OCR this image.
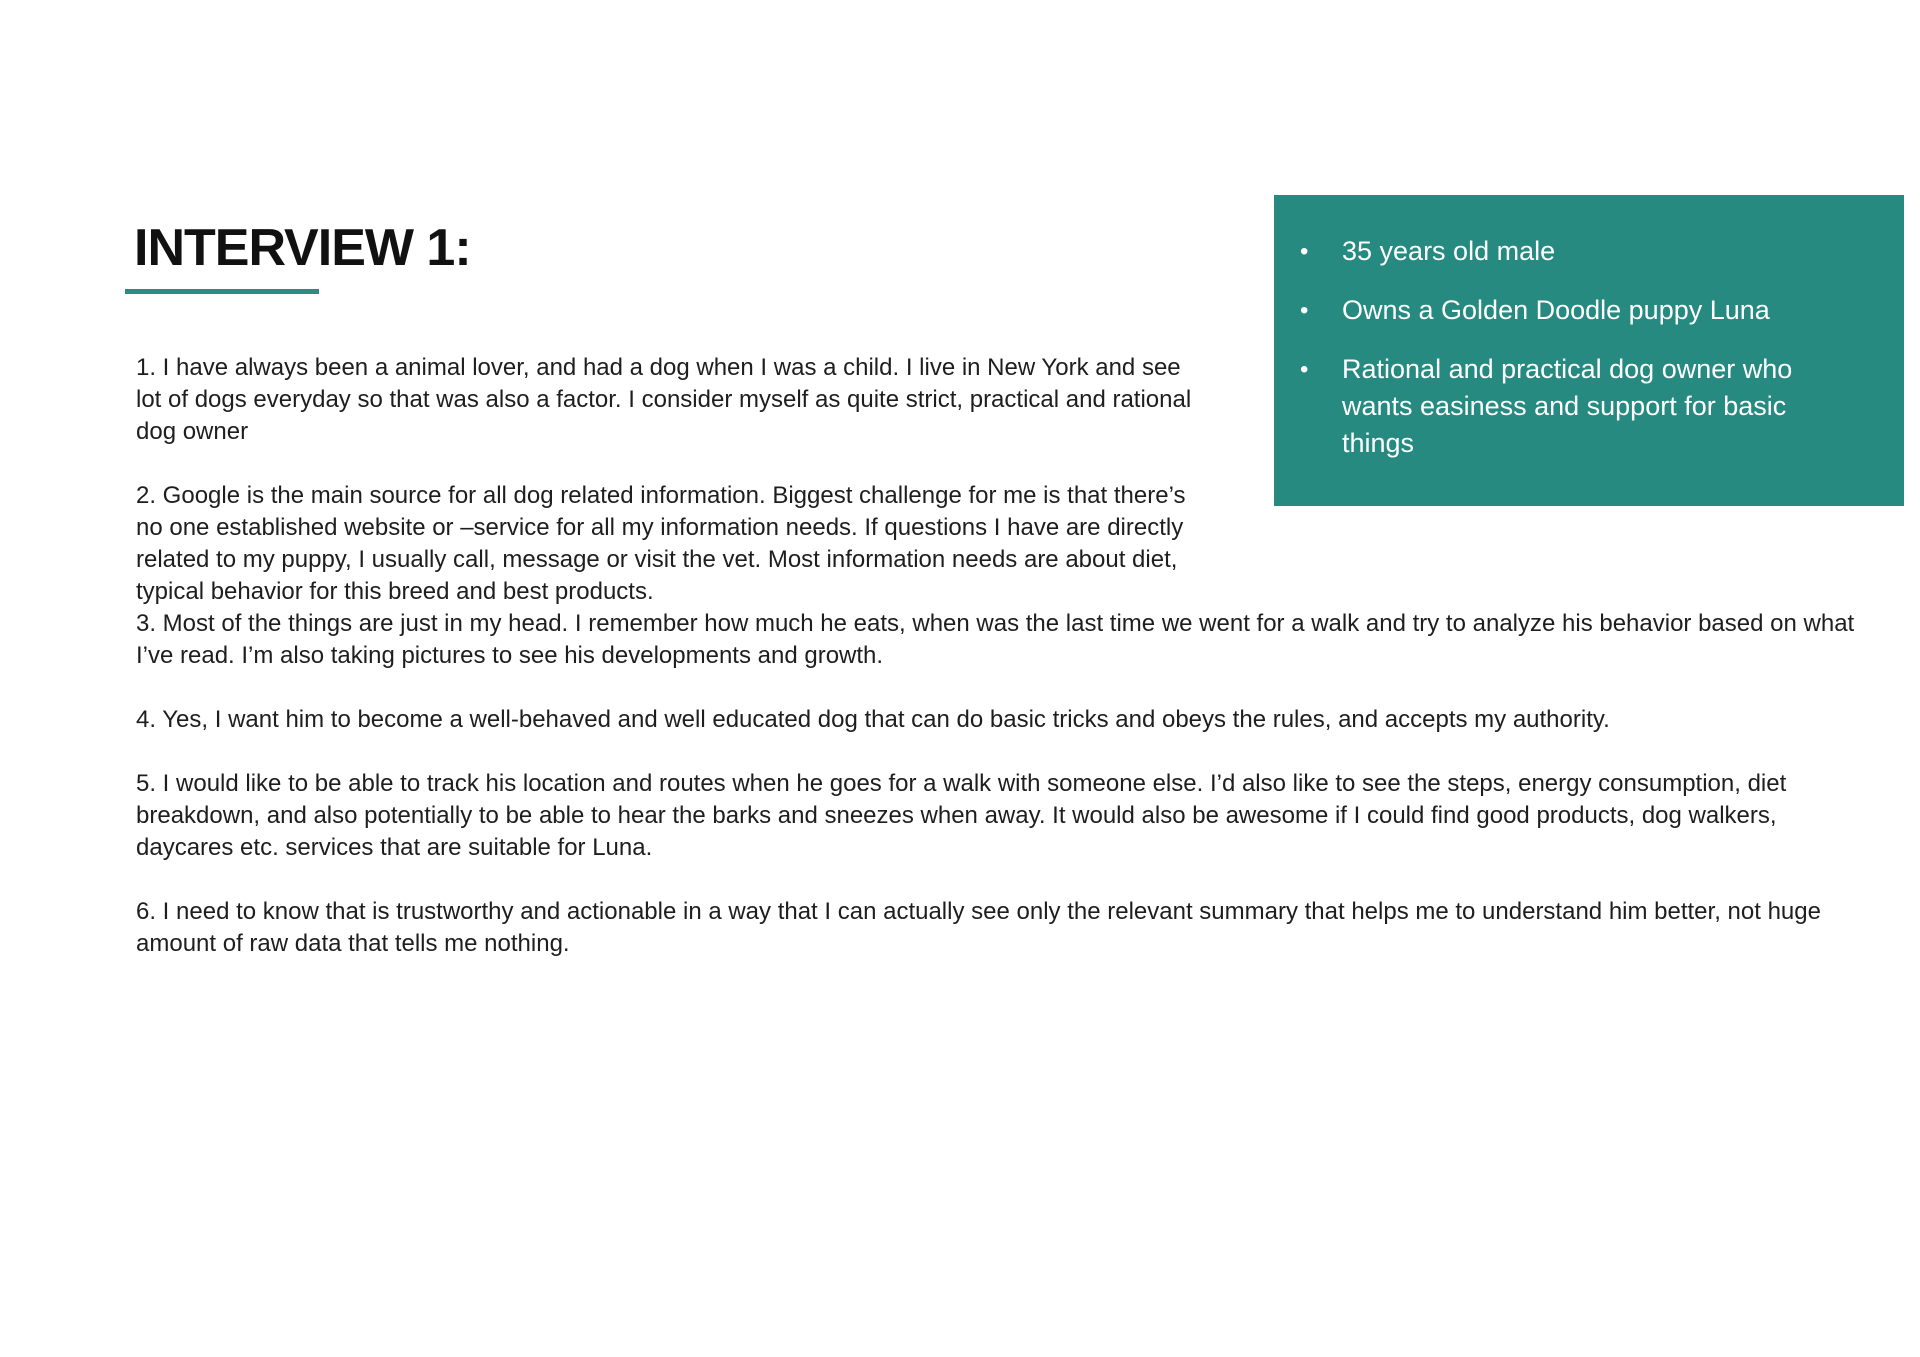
INTERVIEW 1:	• 35 years old male
• Owns a Golden Doodle puppy Luna
• Rational and practical dog owner who wants easiness and support for basic things

1. I have always been a animal lover, and had a dog when I was a child. I live in New York and see lot of dogs everyday so that was also a factor. I consider myself as quite strict, practical and rational dog owner

2. Google is the main source for all dog related information. Biggest challenge for me is that there’s no one established website or –service for all my information needs. If questions I have are directly related to my puppy, I usually call, message or visit the vet. Most information needs are about diet, typical behavior for this breed and best products.

3. Most of the things are just in my head. I remember how much he eats, when was the last time we went for a walk and try to analyze his behavior based on what I’ve read. I’m also taking pictures to see his developments and growth.

4. Yes, I want him to become a well-behaved and well educated dog that can do basic tricks and obeys the rules, and accepts my authority.

5. I would like to be able to track his location and routes when he goes for a walk with someone else. I’d also like to see the steps, energy consumption, diet breakdown, and also potentially to be able to hear the barks and sneezes when away. It would also be awesome if I could find good products, dog walkers, daycares etc. services that are suitable for Luna.

6. I need to know that is trustworthy and actionable in a way that I can actually see only the relevant summary that helps me to understand him better, not huge amount of raw data that tells me nothing.
